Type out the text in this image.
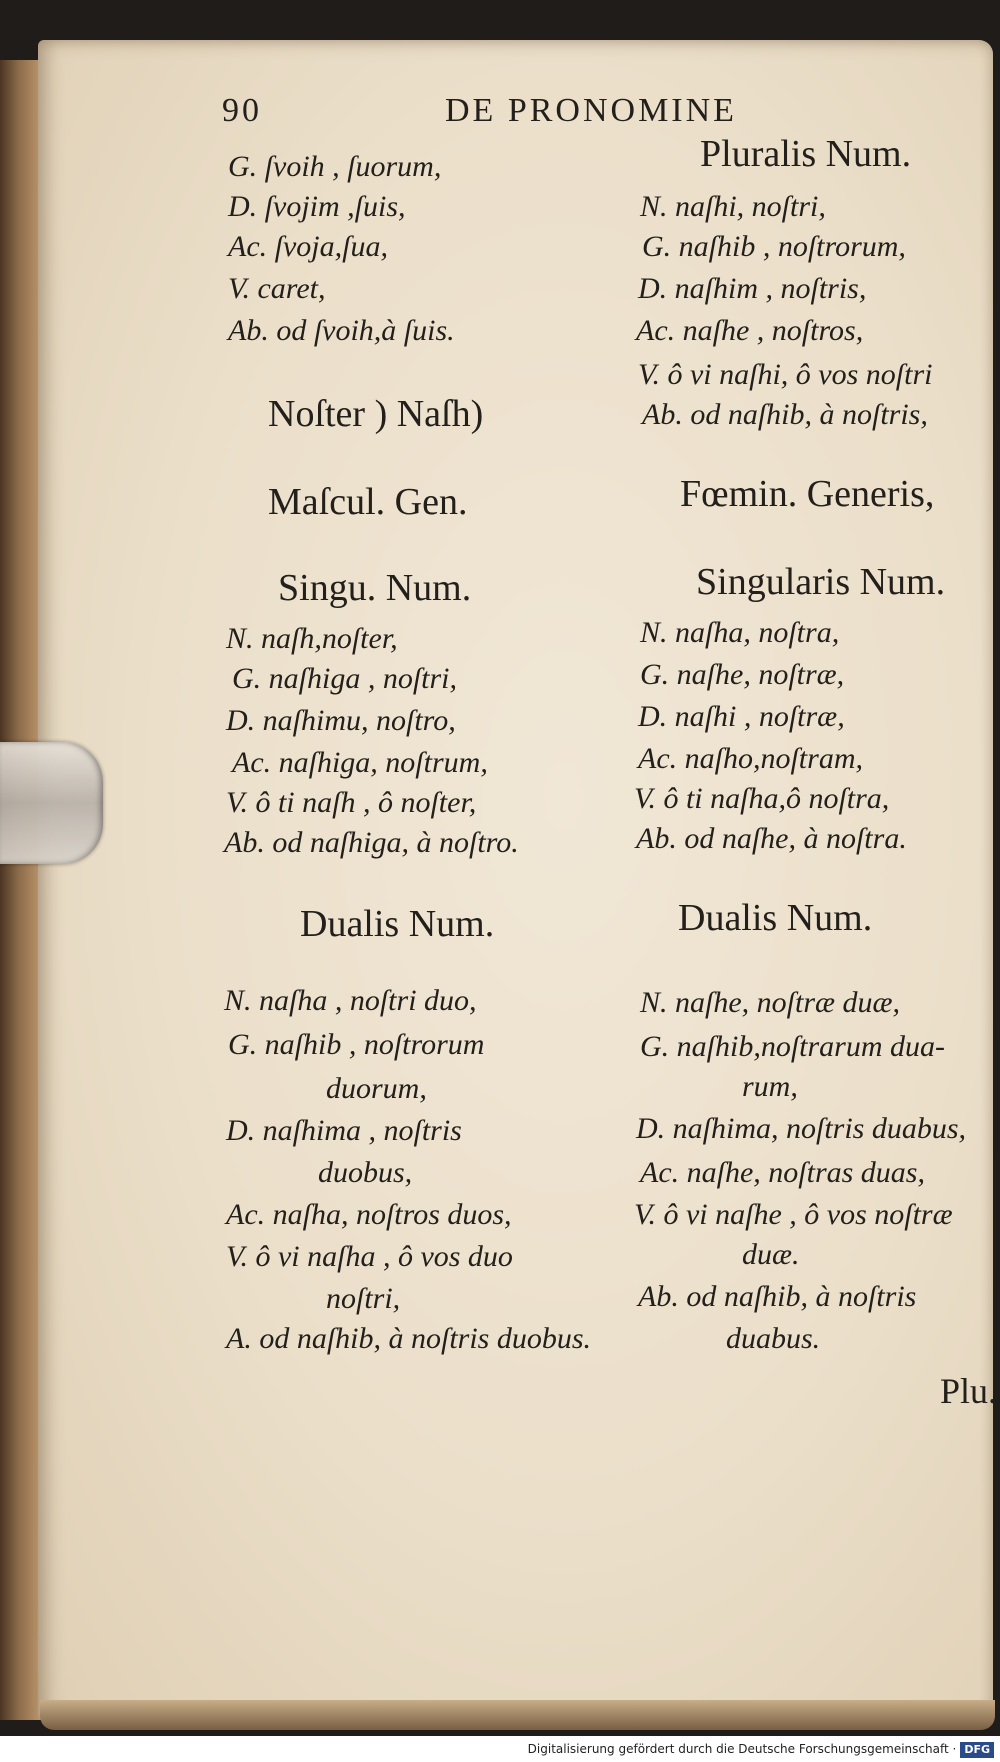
90	DE PRONOMINE
G. ſvoih , ſuorum,
D. ſvojim ,ſuis,
Ac. ſvoja,ſua,
V. caret,
Ab. od ſvoih,à ſuis.
Noſter ) Naſh)
Maſcul. Gen.
Singu. Num.
N. naſh,noſter,
G. naſhiga , noſtri,
D. naſhimu, noſtro,
Ac. naſhiga, noſtrum,
V. ô ti naſh , ô noſter,
Ab. od naſhiga, à noſtro.
Dualis Num.
N. naſha , noſtri duo,
G. naſhib , noſtrorum
duorum,
D. naſhima , noſtris
duobus,
Ac. naſha, noſtros duos,
V. ô vi naſha , ô vos duo
noſtri,
A. od naſhib, à noſtris duobus.
Pluralis Num.
N. naſhi, noſtri,
G. naſhib , noſtrorum,
D. naſhim , noſtris,
Ac. naſhe , noſtros,
V. ô vi naſhi, ô vos noſtri
Ab. od naſhib, à noſtris,
Fœmin. Generis,
Singularis Num.
N. naſha, noſtra,
G. naſhe, noſtræ,
D. naſhi , noſtræ,
Ac. naſho,noſtram,
V. ô ti naſha,ô noſtra,
Ab. od naſhe, à noſtra.
Dualis Num.
N. naſhe, noſtræ duæ,
G. naſhib,noſtrarum dua-
rum,
D. naſhima, noſtris duabus,
Ac. naſhe, noſtras duas,
V. ô vi naſhe , ô vos noſtræ
duæ.
Ab. od naſhib, à noſtris
duabus.
Plu.
Digitalisierung gefördert durch die Deutsche Forschungsgemeinschaft · DFG
